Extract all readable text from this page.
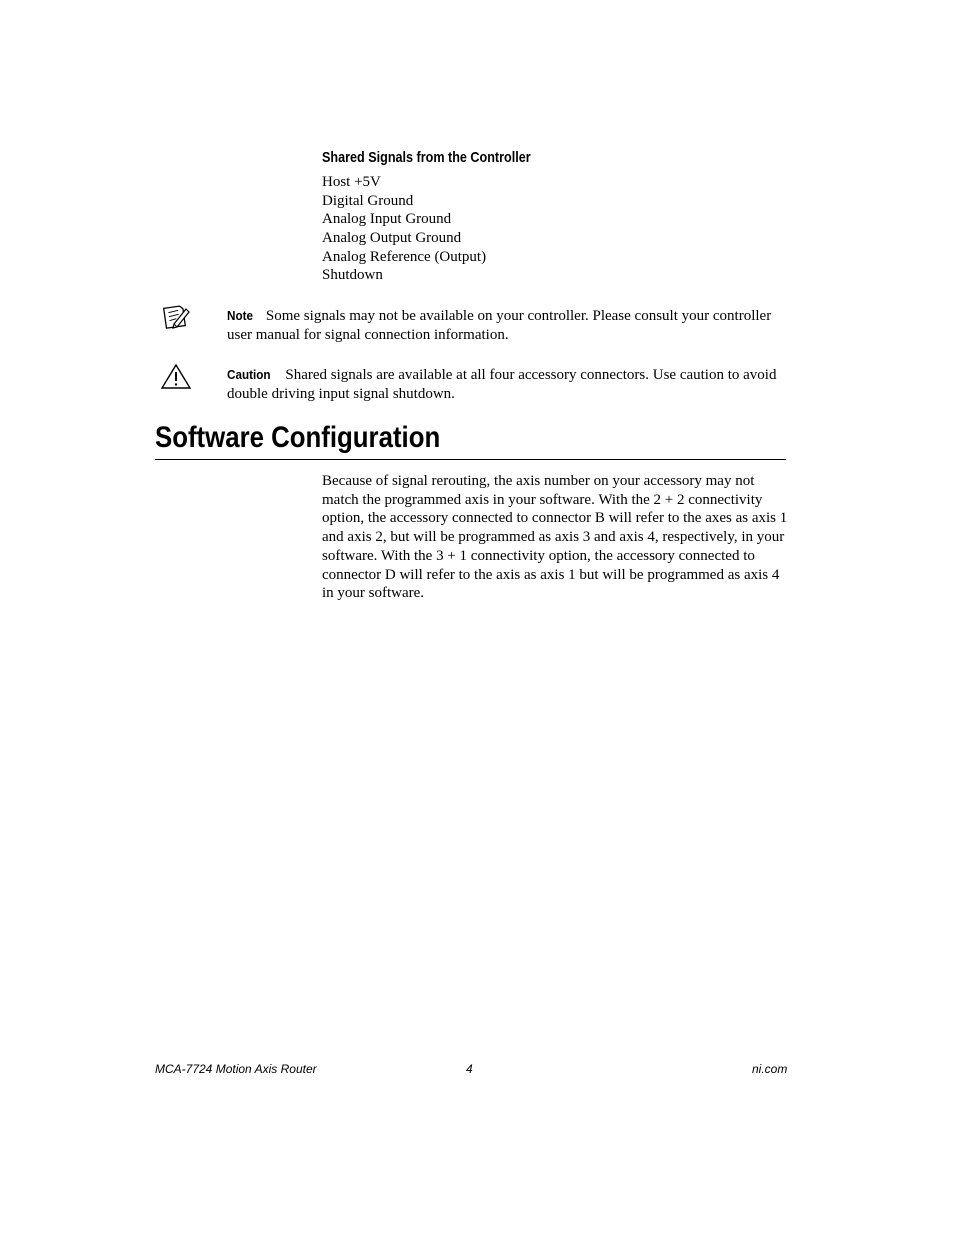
Shared Signals from the Controller
Host +5V
Digital Ground
Analog Input Ground
Analog Output Ground
Analog Reference (Output)
Shutdown
Note Some signals may not be available on your controller. Please consult your controller user manual for signal connection information.
Caution Shared signals are available at all four accessory connectors. Use caution to avoid double driving input signal shutdown.
Software Configuration

Because of signal rerouting, the axis number on your accessory may not match the programmed axis in your software. With the 2 + 2 connectivity option, the accessory connected to connector B will refer to the axes as axis 1 and axis 2, but will be programmed as axis 3 and axis 4, respectively, in your software. With the 3 + 1 connectivity option, the accessory connected to connector D will refer to the axis as axis 1 but will be programmed as axis 4 in your software.

MCA-7724 Motion Axis Router	4	ni.com
